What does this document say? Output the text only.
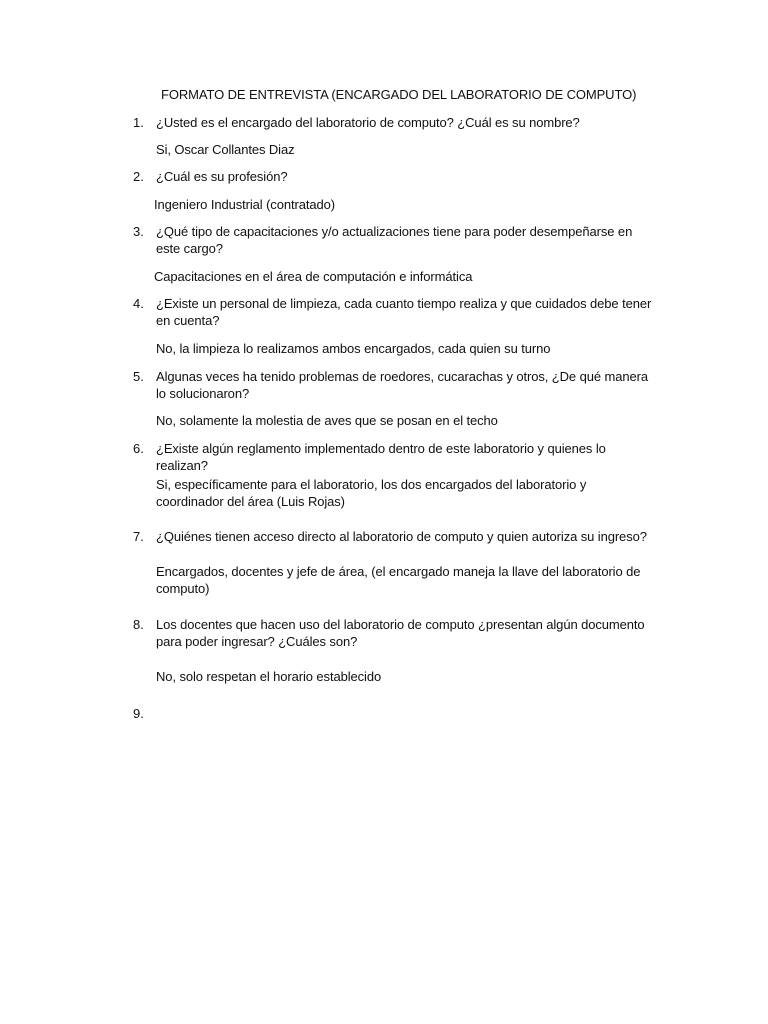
FORMATO DE ENTREVISTA (ENCARGADO DEL LABORATORIO DE COMPUTO)
1. ¿Usted es el encargado del laboratorio de computo? ¿Cuál es su nombre?
Si, Oscar Collantes Diaz
2. ¿Cuál es su profesión?
Ingeniero Industrial (contratado)
3. ¿Qué tipo de capacitaciones y/o actualizaciones tiene para poder desempeñarse en este cargo?
Capacitaciones en el área de computación e informática
4. ¿Existe un personal de limpieza, cada cuanto tiempo realiza y que cuidados debe tener en cuenta?
No, la limpieza lo realizamos ambos encargados, cada quien su turno
5. Algunas veces ha tenido problemas de roedores, cucarachas y otros, ¿De qué manera lo solucionaron?
No, solamente la molestia de aves que se posan en el techo
6. ¿Existe algún reglamento implementado dentro de este laboratorio y quienes lo realizan?
Si, específicamente para el laboratorio, los dos encargados del laboratorio y coordinador del área (Luis Rojas)
7. ¿Quiénes tienen acceso directo al laboratorio de computo y quien autoriza su ingreso?
Encargados, docentes y jefe de área, (el encargado maneja la llave del laboratorio de computo)
8. Los docentes que hacen uso del laboratorio de computo ¿presentan algún documento para poder ingresar? ¿Cuáles son?
No, solo respetan el horario establecido
9.
